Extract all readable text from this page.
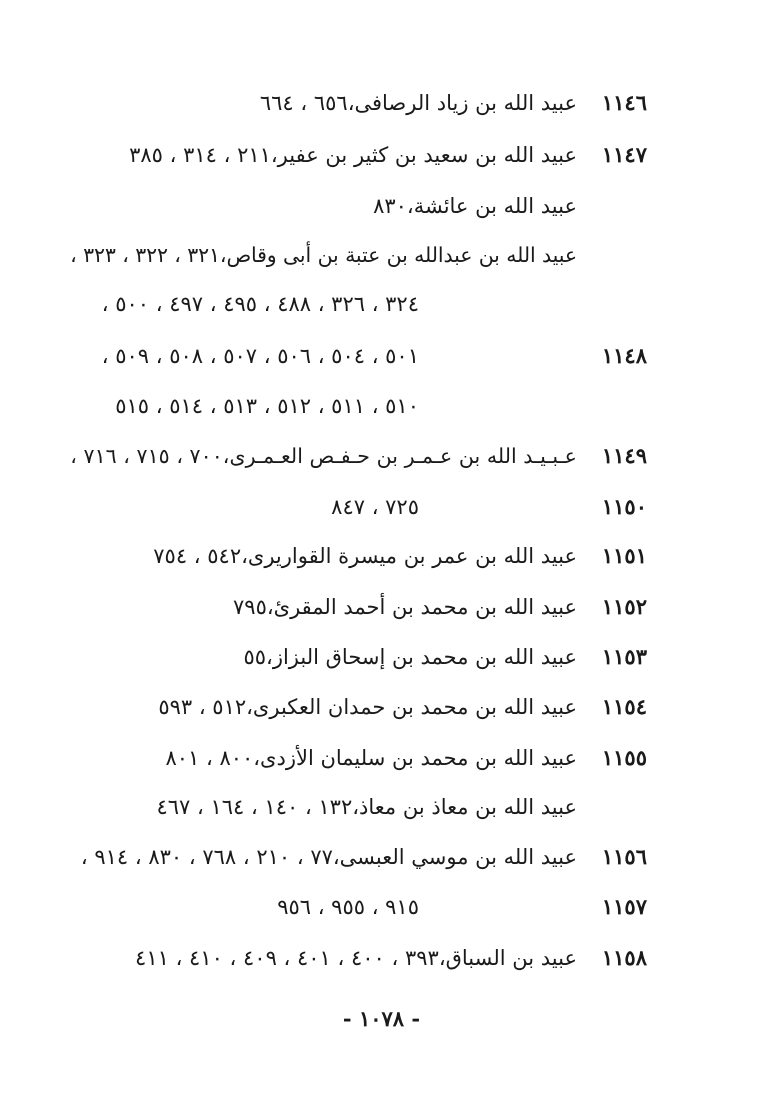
١١٤٦
عبيد الله بن زياد الرصافى،٦٥٦ ، ٦٦٤
١١٤٧
عبيد الله بن سعيد بن كثير بن عفير،٢١١ ، ٣١٤ ، ٣٨٥
عبيد الله بن عائشة،٨٣٠
عبيد الله بن عبدالله بن عتبة بن أبى وقاص،٣٢١ ، ٣٢٢ ، ٣٢٣ ،
٣٢٤ ، ٣٢٦ ، ٤٨٨ ، ٤٩٥ ، ٤٩٧ ، ٥٠٠ ،
١١٤٨
٥٠١ ، ٥٠٤ ، ٥٠٦ ، ٥٠٧ ، ٥٠٨ ، ٥٠٩ ،
٥١٠ ، ٥١١ ، ٥١٢ ، ٥١٣ ، ٥١٤ ، ٥١٥
١١٤٩
عـبـيـد الله بن عـمـر بن حـفـص العـمـرى،٧٠٠ ، ٧١٥ ، ٧١٦ ،
١١٥٠
٧٢٥ ، ٨٤٧
١١٥١
عبيد الله بن عمر بن ميسرة القواريرى،٥٤٢ ، ٧٥٤
١١٥٢
عبيد الله بن محمد بن أحمد المقرئ،٧٩٥
١١٥٣
عبيد الله بن محمد بن إسحاق البزاز،٥٥
١١٥٤
عبيد الله بن محمد بن حمدان العكبرى،٥١٢ ، ٥٩٣
١١٥٥
عبيد الله بن محمد بن سليمان الأزدى،٨٠٠ ، ٨٠١
عبيد الله بن معاذ بن معاذ،١٣٢ ، ١٤٠ ، ١٦٤ ، ٤٦٧
١١٥٦
عبيد الله بن موسي العبسى،٧٧ ، ٢١٠ ، ٧٦٨ ، ٨٣٠ ، ٩١٤ ،
١١٥٧
٩١٥ ، ٩٥٥ ، ٩٥٦
١١٥٨
عبيد بن السباق،٣٩٣ ، ٤٠٠ ، ٤٠١ ، ٤٠٩ ، ٤١٠ ، ٤١١
- ١٠٧٨ -
